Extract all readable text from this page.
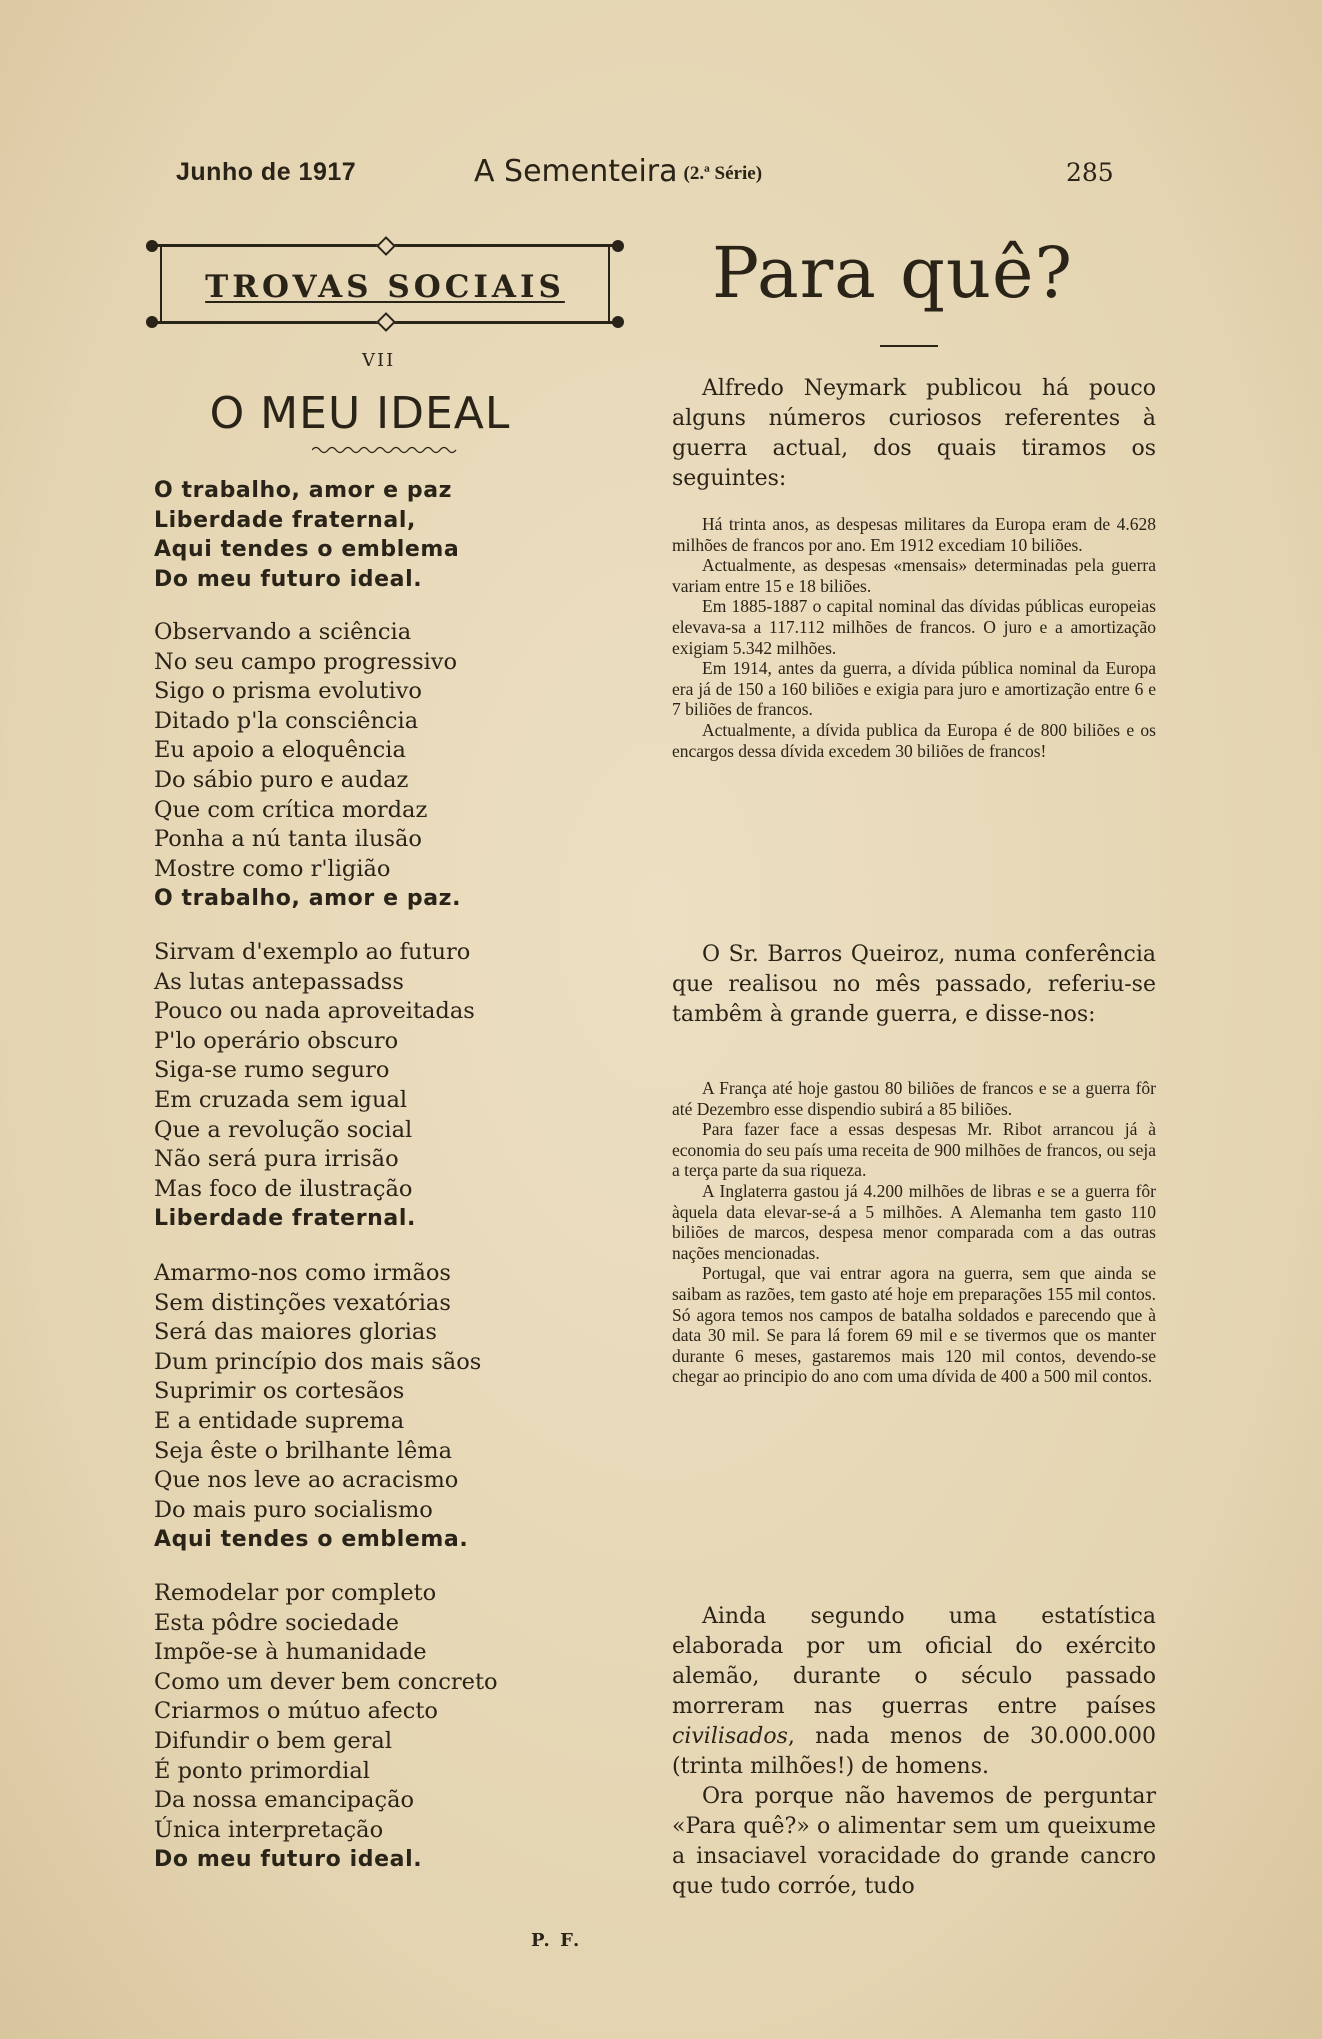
Junho de 1917	A Sementeira (2.ª Série)	285
TROVAS SOCIAIS
VII
O MEU IDEAL
O trabalho, amor e paz
Liberdade fraternal,
Aqui tendes o emblema
Do meu futuro ideal.
Observando a sciência
No seu campo progressivo
Sigo o prisma evolutivo
Ditado p'la consciência
Eu apoio a eloquência
Do sábio puro e audaz
Que com crítica mordaz
Ponha a nú tanta ilusão
Mostre como r'ligião
O trabalho, amor e paz.
Sirvam d'exemplo ao futuro
As lutas antepassadss
Pouco ou nada aproveitadas
P'lo operário obscuro
Siga-se rumo seguro
Em cruzada sem igual
Que a revolução social
Não será pura irrisão
Mas foco de ilustração
Liberdade fraternal.
Amarmo-nos como irmãos
Sem distinções vexatórias
Será das maiores glorias
Dum princípio dos mais sãos
Suprimir os cortesãos
E a entidade suprema
Seja êste o brilhante lêma
Que nos leve ao acracismo
Do mais puro socialismo
Aqui tendes o emblema.
Remodelar por completo
Esta pôdre sociedade
Impõe-se à humanidade
Como um dever bem concreto
Criarmos o mútuo afecto
Difundir o bem geral
É ponto primordial
Da nossa emancipação
Única interpretação
Do meu futuro ideal.
P. F.
Para quê?
Alfredo Neymark publicou há pouco alguns números curiosos referentes à guerra actual, dos quais tiramos os seguintes:
Há trinta anos, as despesas militares da Europa eram de 4.628 milhões de francos por ano. Em 1912 excediam 10 biliões.
Actualmente, as despesas «mensais» determinadas pela guerra variam entre 15 e 18 biliões.
Em 1885-1887 o capital nominal das dívidas públicas europeias elevava-sa a 117.112 milhões de francos. O juro e a amortização exigiam 5.342 milhões.
Em 1914, antes da guerra, a dívida pública nominal da Europa era já de 150 a 160 biliões e exigia para juro e amortização entre 6 e 7 biliões de francos.
Actualmente, a dívida publica da Europa é de 800 biliões e os encargos dessa dívida excedem 30 biliões de francos!
O Sr. Barros Queiroz, numa conferência que realisou no mês passado, referiu-se tambêm à grande guerra, e disse-nos:
A França até hoje gastou 80 biliões de francos e se a guerra fôr até Dezembro esse dispendio subirá a 85 biliões.
Para fazer face a essas despesas Mr. Ribot arrancou já à economia do seu país uma receita de 900 milhões de francos, ou seja a terça parte da sua riqueza.
A Inglaterra gastou já 4.200 milhões de libras e se a guerra fôr àquela data elevar-se-á a 5 milhões. A Alemanha tem gasto 110 biliões de marcos, despesa menor comparada com a das outras nações mencionadas.
Portugal, que vai entrar agora na guerra, sem que ainda se saibam as razões, tem gasto até hoje em preparações 155 mil contos. Só agora temos nos campos de batalha soldados e parecendo que à data 30 mil. Se para lá forem 69 mil e se tivermos que os manter durante 6 meses, gastaremos mais 120 mil contos, devendo-se chegar ao principio do ano com uma dívida de 400 a 500 mil contos.
Ainda segundo uma estatística elaborada por um oficial do exército alemão, durante o século passado morreram nas guerras entre países civilisados, nada menos de 30.000.000 (trinta milhões!) de homens.
Ora porque não havemos de perguntar «Para quê?» o alimentar sem um queixume a insaciavel voracidade do grande cancro que tudo corróe, tudo
